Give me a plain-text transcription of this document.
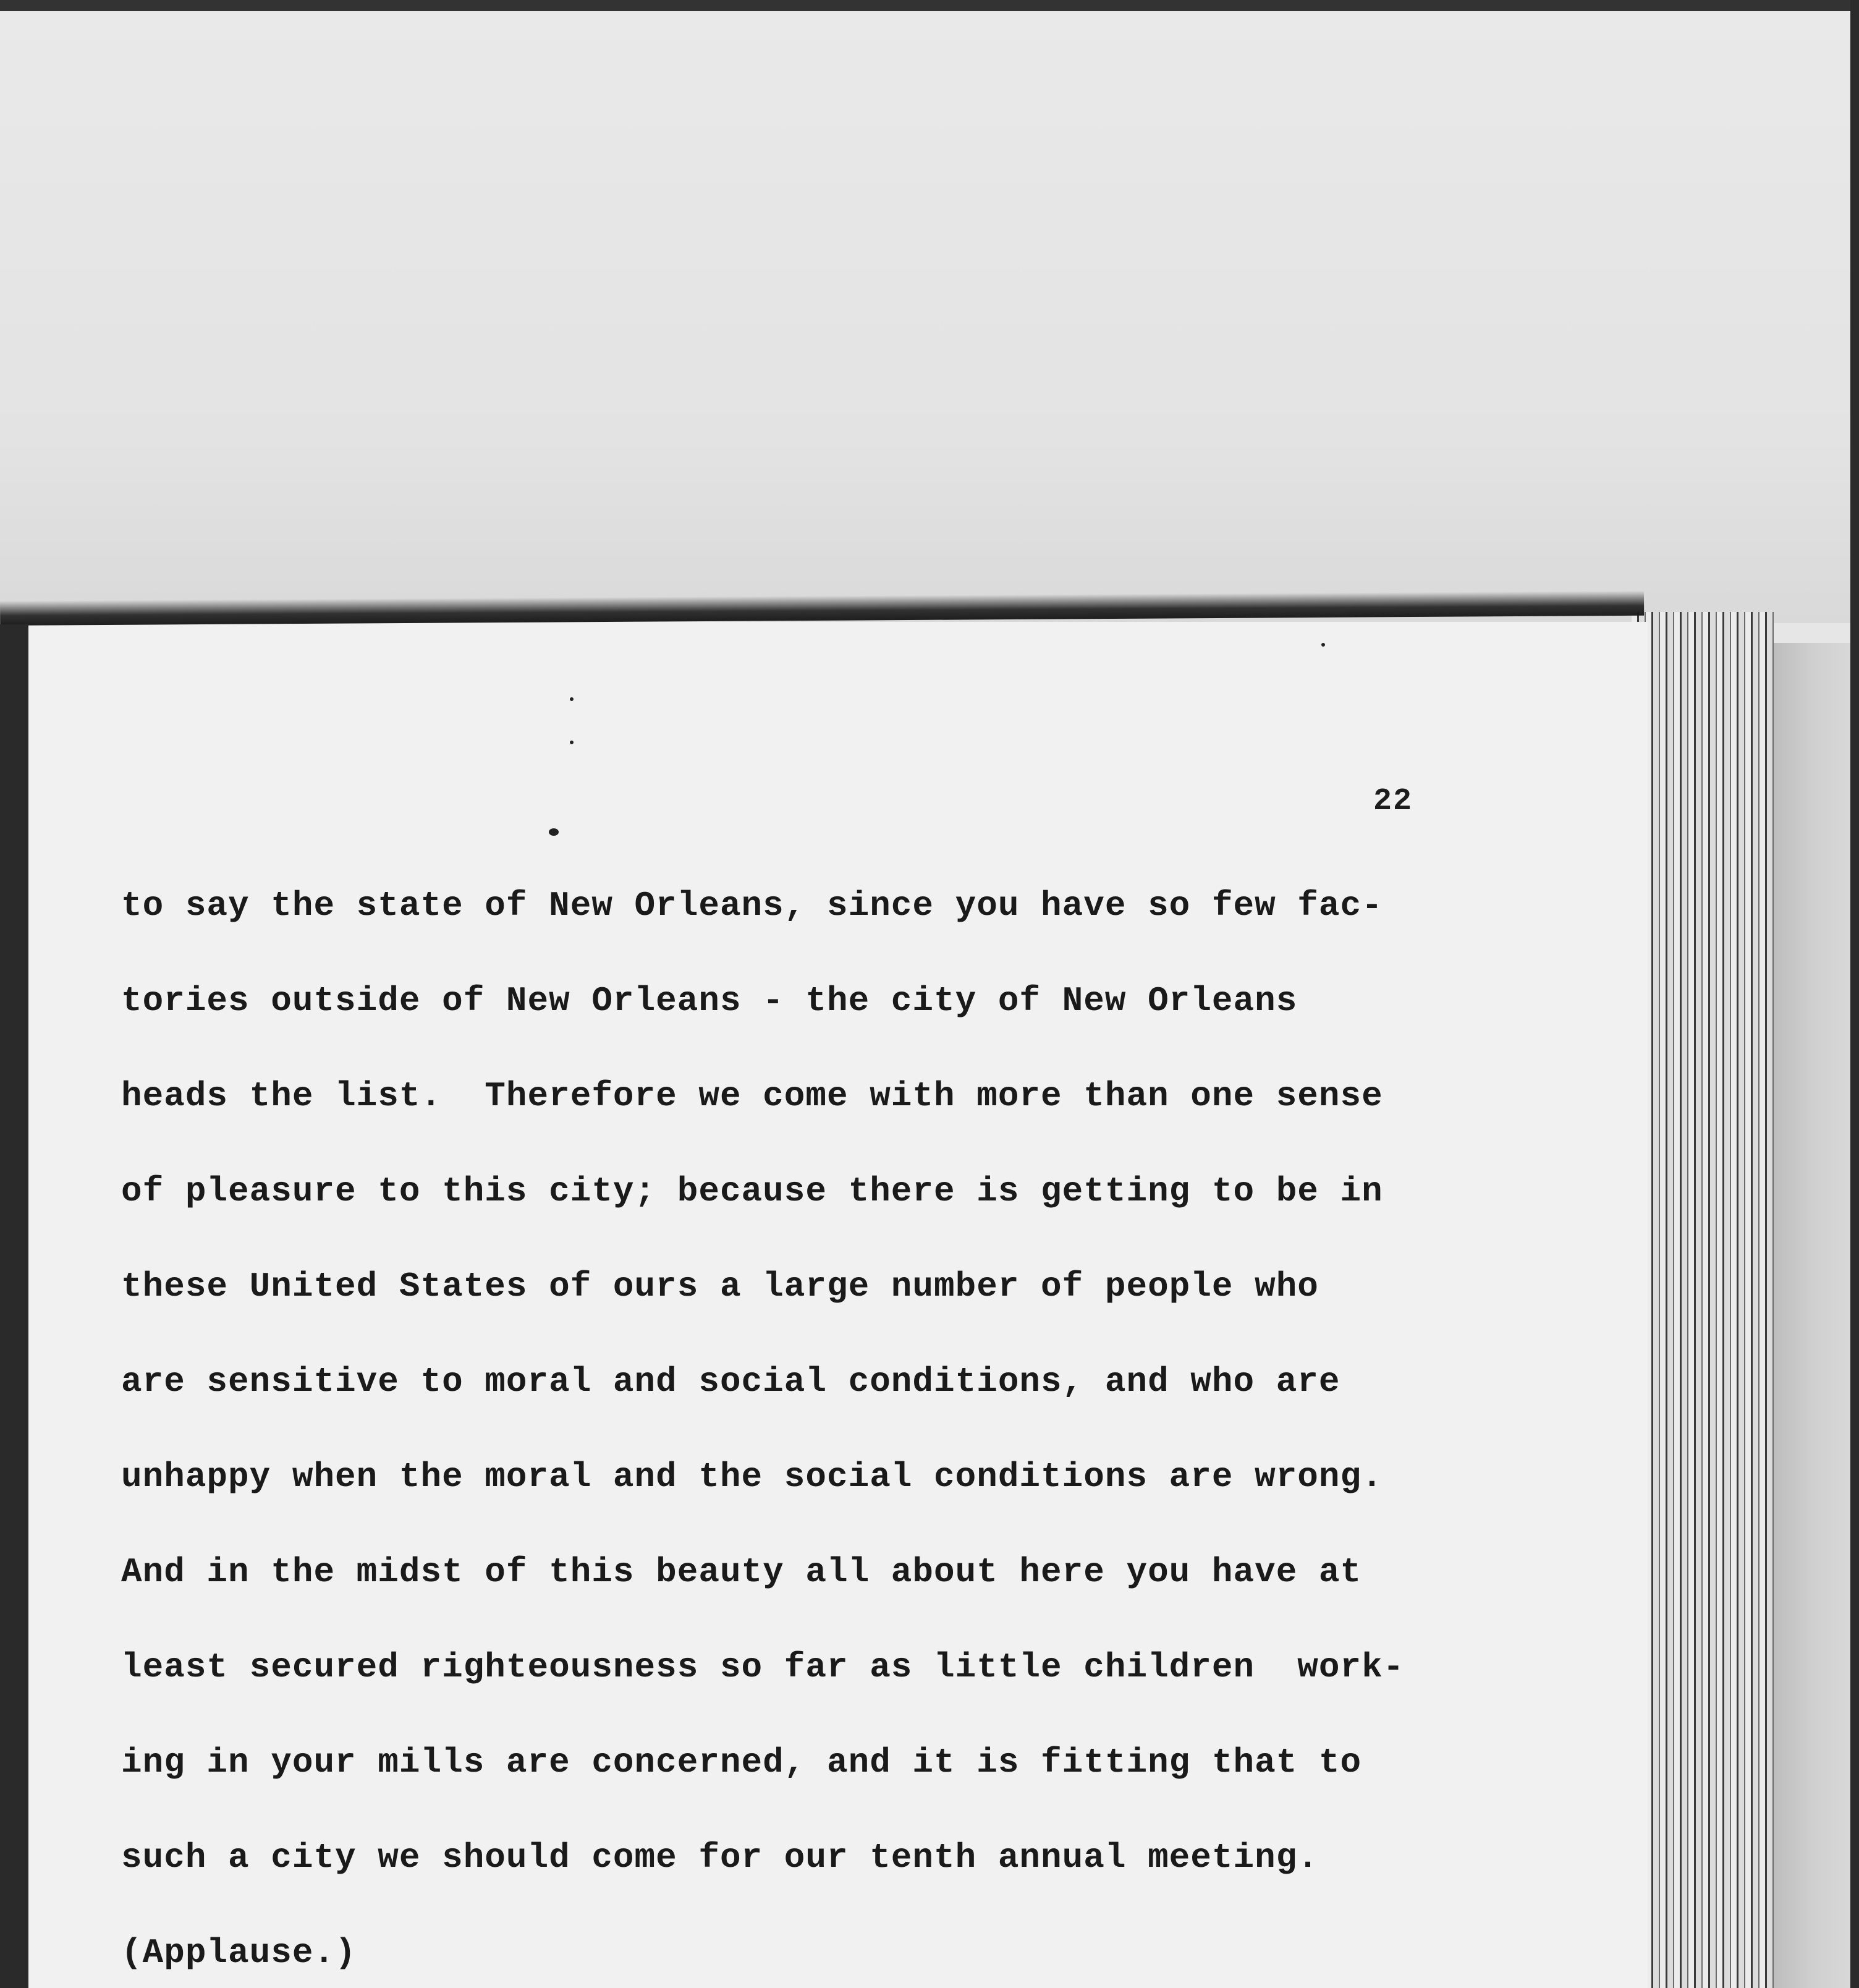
22
to say the state of New Orleans, since you have so few fac-
tories outside of New Orleans - the city of New Orleans
heads the list.  Therefore we come with more than one sense
of pleasure to this city; because there is getting to be in
these United States of ours a large number of people who
are sensitive to moral and social conditions, and who are
unhappy when the moral and the social conditions are wrong.
And in the midst of this beauty all about here you have at
least secured righteousness so far as little children  work-
ing in your mills are concerned, and it is fitting that to
such a city we should come for our tenth annual meeting.
(Applause.)
